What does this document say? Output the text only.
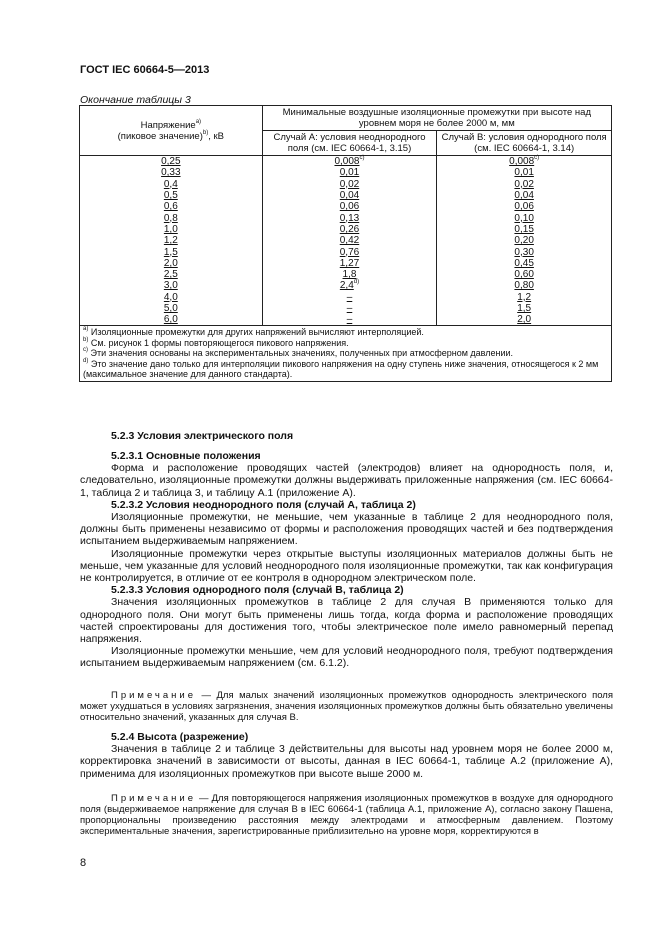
ГОСТ IEC 60664-5—2013
Окончание таблицы 3
Напряжение$^{a)}$
(пиковое значение)$^{b)}$, кВ	Минимальные воздушные изоляционные промежутки при высоте над уровнем моря не более 2000 м, мм	
	Случай А: условия неоднородного поля (см. IEC 60664-1, 3.15)	Случай В: условия однородного поля (см. IEC 60664-1, 3.14)
0,25	0,008$^{c)}$	0,008$^{c)}$
0,33	0,01	0,01
0,4	0,02	0,02
0,5	0,04	0,04
0,6	0,06	0,06
0,8	0,13	0,10
1,0	0,26	0,15
1,2	0,42	0,20
1,5	0,76	0,30
2,0	1,27	0,45
2,5	1,8	0,60
3,0	2,4$^{d)}$	0,80
4,0	–	1,2
5,0	–	1,5
6,0	–	2,0

$^{a)}$ Изоляционные промежутки для других напряжений вычисляют интерполяцией.
$^{b)}$ См. рисунок 1 формы повторяющегося пикового напряжения.
$^{c)}$ Эти значения основаны на экспериментальных значениях, полученных при атмосферном давлении.
$^{d)}$ Это значение дано только для интерполяции пикового напряжения на одну ступень ниже значения, относящегося к 2 мм (максимальное значение для данного стандарта).		

5.2.3 Условия электрического поля

5.2.3.1 Основные положения

Форма и расположение проводящих частей (электродов) влияет на однородность поля, и, следовательно, изоляционные промежутки должны выдерживать приложенные напряжения (см. IEC 60664-1, таблица 2 и таблица 3, и таблицу А.1 (приложение А).

5.2.3.2 Условия неоднородного поля (случай А, таблица 2)

Изоляционные промежутки, не меньшие, чем указанные в таблице 2 для неоднородного поля, должны быть применены независимо от формы и расположения проводящих частей и без подтверждения испытанием выдерживаемым напряжением.

Изоляционные промежутки через открытые выступы изоляционных материалов должны быть не меньше, чем указанные для условий неоднородного поля изоляционные промежутки, так как конфигурация не контролируется, в отличие от ее контроля в однородном электрическом поле.

5.2.3.3 Условия однородного поля (случай В, таблица 2)

Значения изоляционных промежутков в таблице 2 для случая В применяются только для однородного поля. Они могут быть применены лишь тогда, когда форма и расположение проводящих частей спроектированы для достижения того, чтобы электрическое поле имело равномерный перепад напряжения.

Изоляционные промежутки меньшие, чем для условий неоднородного поля, требуют подтверждения испытанием выдерживаемым напряжением (см. 6.1.2).

Примечание — Для малых значений изоляционных промежутков однородность электрического поля может ухудшаться в условиях загрязнения, значения изоляционных промежутков должны быть обязательно увеличены относительно значений, указанных для случая В.

5.2.4 Высота (разрежение)

Значения в таблице 2 и таблице 3 действительны для высоты над уровнем моря не более 2000 м, корректировка значений в зависимости от высоты, данная в IEC 60664-1, таблице А.2 (приложение А), применима для изоляционных промежутков при высоте выше 2000 м.

Примечание — Для повторяющегося напряжения изоляционных промежутков в воздухе для однородного поля (выдерживаемое напряжение для случая В в IEC 60664-1 (таблица А.1, приложение А), согласно закону Пашена, пропорциональны произведению расстояния между электродами и атмосферным давлением. Поэтому экспериментальные значения, зарегистрированные приблизительно на уровне моря, корректируются в

8
